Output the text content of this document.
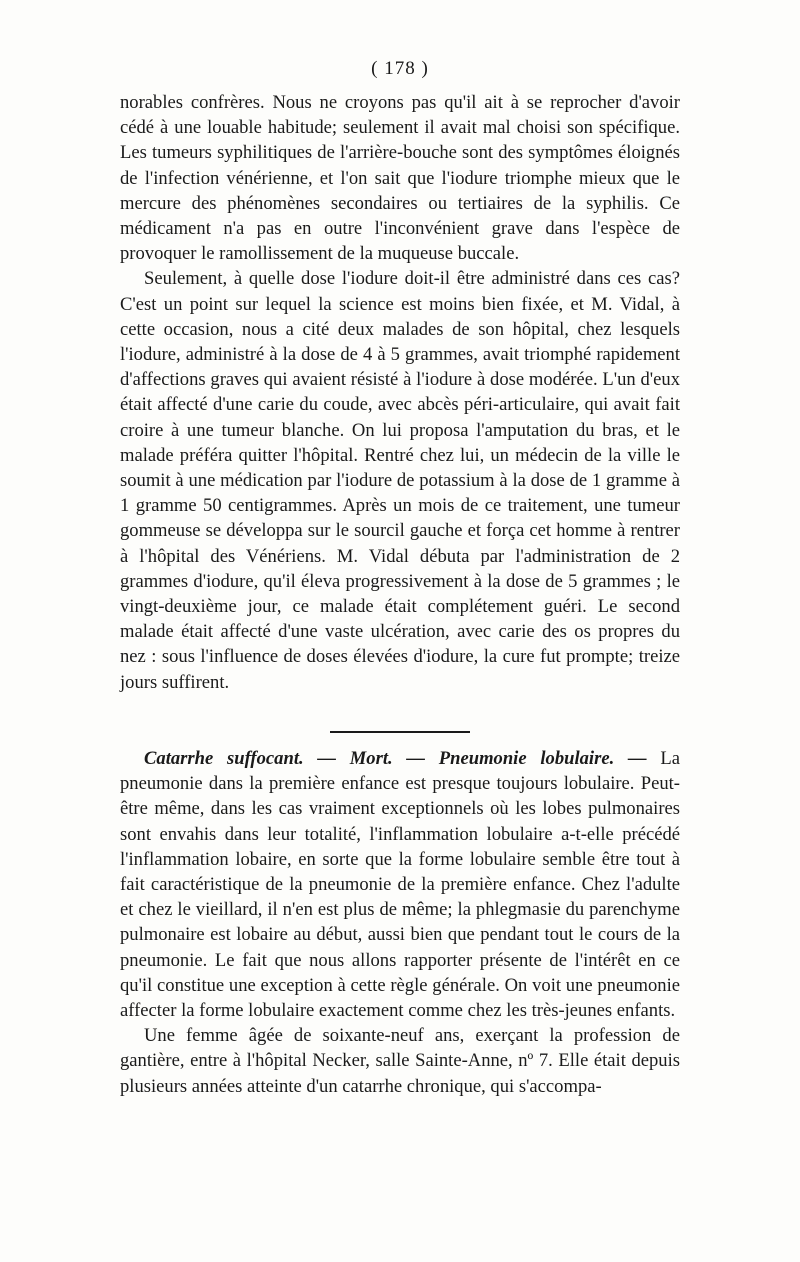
( 178 )

norables confrères. Nous ne croyons pas qu'il ait à se reprocher d'avoir cédé à une louable habitude; seulement il avait mal choisi son spécifique. Les tumeurs syphilitiques de l'arrière-bouche sont des symptômes éloignés de l'infection vénérienne, et l'on sait que l'iodure triomphe mieux que le mercure des phénomènes secondaires ou tertiaires de la syphilis. Ce médicament n'a pas en outre l'inconvénient grave dans l'espèce de provoquer le ramollissement de la muqueuse buccale.

Seulement, à quelle dose l'iodure doit-il être administré dans ces cas? C'est un point sur lequel la science est moins bien fixée, et M. Vidal, à cette occasion, nous a cité deux malades de son hôpital, chez lesquels l'iodure, administré à la dose de 4 à 5 grammes, avait triomphé rapidement d'affections graves qui avaient résisté à l'iodure à dose modérée. L'un d'eux était affecté d'une carie du coude, avec abcès péri-articulaire, qui avait fait croire à une tumeur blanche. On lui proposa l'amputation du bras, et le malade préféra quitter l'hôpital. Rentré chez lui, un médecin de la ville le soumit à une médication par l'iodure de potassium à la dose de 1 gramme à 1 gramme 50 centigrammes. Après un mois de ce traitement, une tumeur gommeuse se développa sur le sourcil gauche et força cet homme à rentrer à l'hôpital des Vénériens. M. Vidal débuta par l'administration de 2 grammes d'iodure, qu'il éleva progressivement à la dose de 5 grammes ; le vingt-deuxième jour, ce malade était complétement guéri. Le second malade était affecté d'une vaste ulcération, avec carie des os propres du nez : sous l'influence de doses élevées d'iodure, la cure fut prompte; treize jours suffirent.

Catarrhe suffocant. — Mort. — Pneumonie lobulaire. — La pneumonie dans la première enfance est presque toujours lobulaire. Peut-être même, dans les cas vraiment exceptionnels où les lobes pulmonaires sont envahis dans leur totalité, l'inflammation lobulaire a-t-elle précédé l'inflammation lobaire, en sorte que la forme lobulaire semble être tout à fait caractéristique de la pneumonie de la première enfance. Chez l'adulte et chez le vieillard, il n'en est plus de même; la phlegmasie du parenchyme pulmonaire est lobaire au début, aussi bien que pendant tout le cours de la pneumonie. Le fait que nous allons rapporter présente de l'intérêt en ce qu'il constitue une exception à cette règle générale. On voit une pneumonie affecter la forme lobulaire exactement comme chez les très-jeunes enfants.

Une femme âgée de soixante-neuf ans, exerçant la profession de gantière, entre à l'hôpital Necker, salle Sainte-Anne, nº 7. Elle était depuis plusieurs années atteinte d'un catarrhe chronique, qui s'accompa-
